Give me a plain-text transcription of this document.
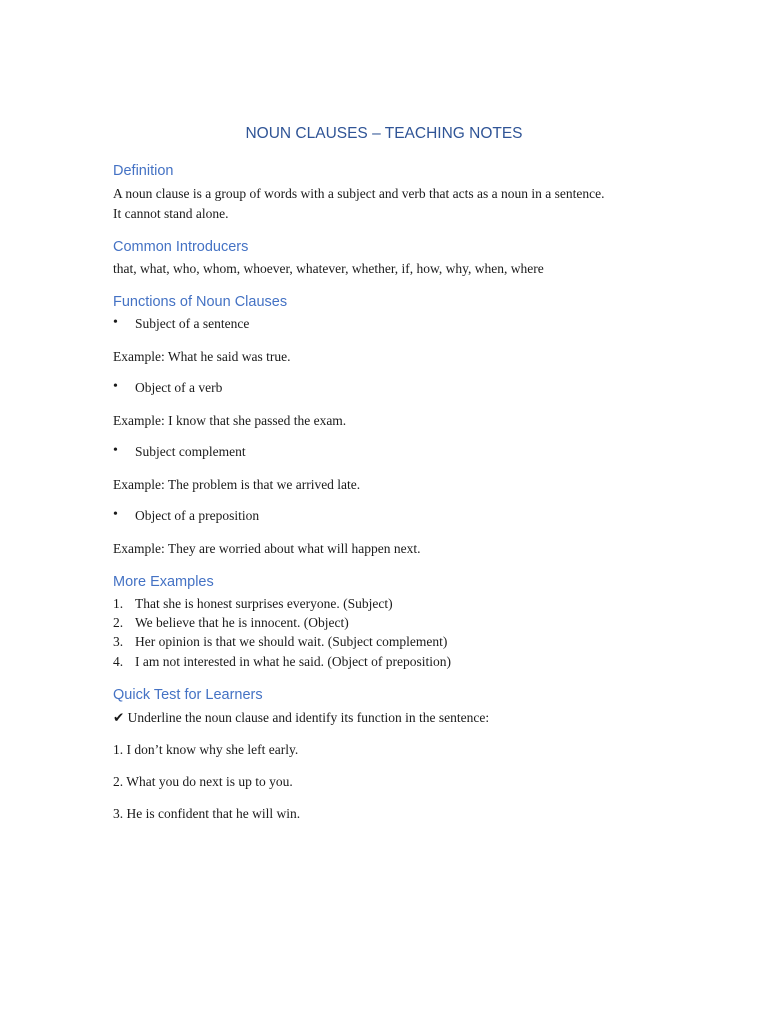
NOUN CLAUSES – TEACHING NOTES
Definition
A noun clause is a group of words with a subject and verb that acts as a noun in a sentence.
It cannot stand alone.
Common Introducers
that, what, who, whom, whoever, whatever, whether, if, how, why, when, where
Functions of Noun Clauses
• Subject of a sentence
Example: What he said was true.
• Object of a verb
Example: I know that she passed the exam.
• Subject complement
Example: The problem is that we arrived late.
• Object of a preposition
Example: They are worried about what will happen next.
More Examples
1. That she is honest surprises everyone. (Subject)
2. We believe that he is innocent. (Object)
3. Her opinion is that we should wait. (Subject complement)
4. I am not interested in what he said. (Object of preposition)
Quick Test for Learners
✔ Underline the noun clause and identify its function in the sentence:
1. I don’t know why she left early.
2. What you do next is up to you.
3. He is confident that he will win.
